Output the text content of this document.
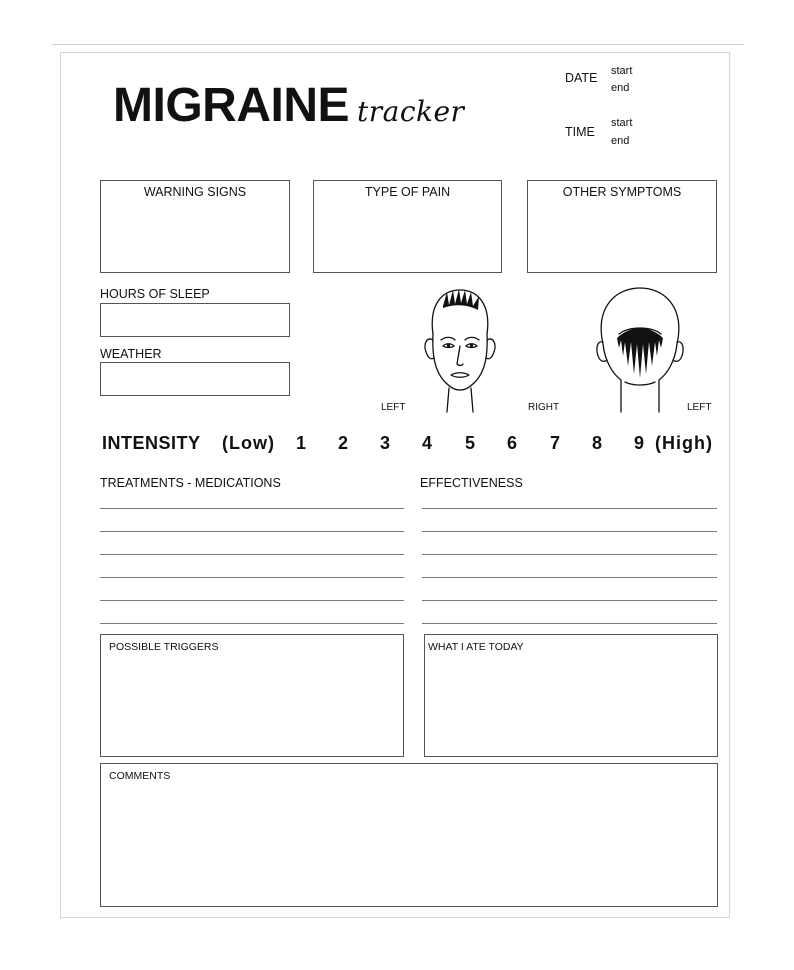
MIGRAINE tracker
DATE start
end
TIME
start
end
WARNING SIGNS	TYPE OF PAIN	OTHER SYMPTOMS
HOURS OF SLEEP
WEATHER
LEFT	RIGHT	LEFT
INTENSITY (Low) 1 2 3 4 5 6 7 8 9 (High)
TREATMENTS - MEDICATIONS	EFFECTIVENESS
POSSIBLE TRIGGERS	WHAT I ATE TODAY
COMMENTS
